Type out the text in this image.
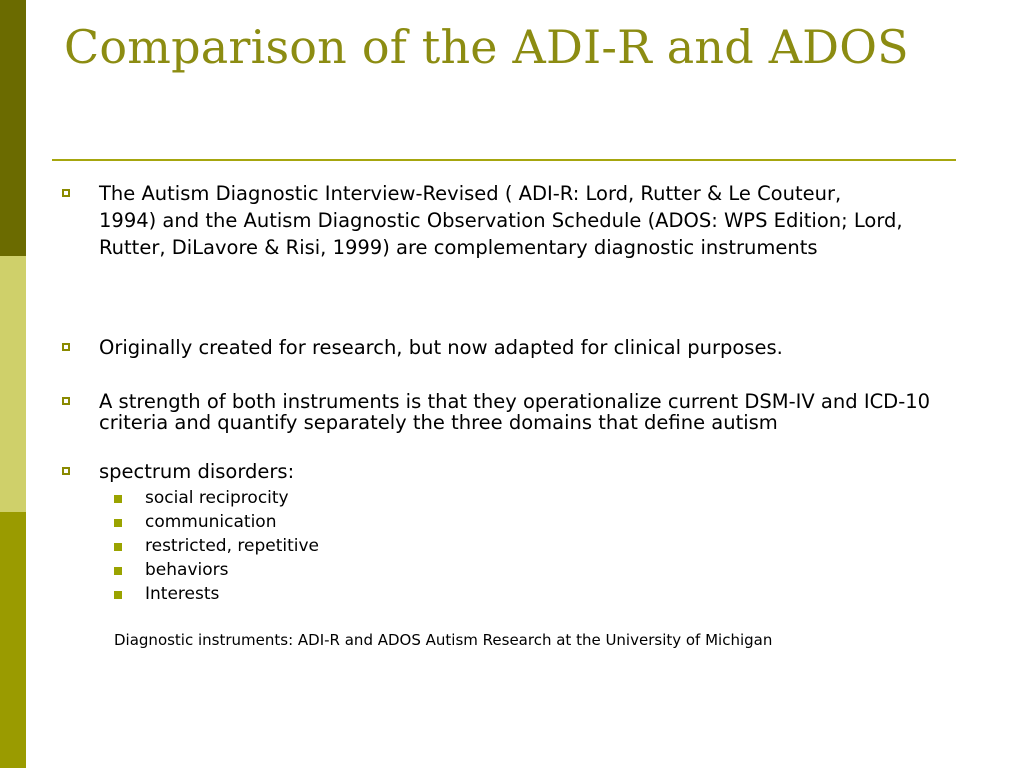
Comparison of the ADI-R and ADOS
The Autism Diagnostic Interview-Revised ( ADI-R: Lord, Rutter & Le Couteur,
1994) and the Autism Diagnostic Observation Schedule (ADOS: WPS Edition; Lord,
Rutter, DiLavore & Risi, 1999) are complementary diagnostic instruments
Originally created for research, but now adapted for clinical purposes.
A strength of both instruments is that they operationalize current DSM-IV and ICD-10 criteria and quantify separately the three domains that define autism
spectrum disorders:
social reciprocity
communication
restricted, repetitive
behaviors
Interests
Diagnostic instruments: ADI-R and ADOS Autism Research at the University of Michigan
